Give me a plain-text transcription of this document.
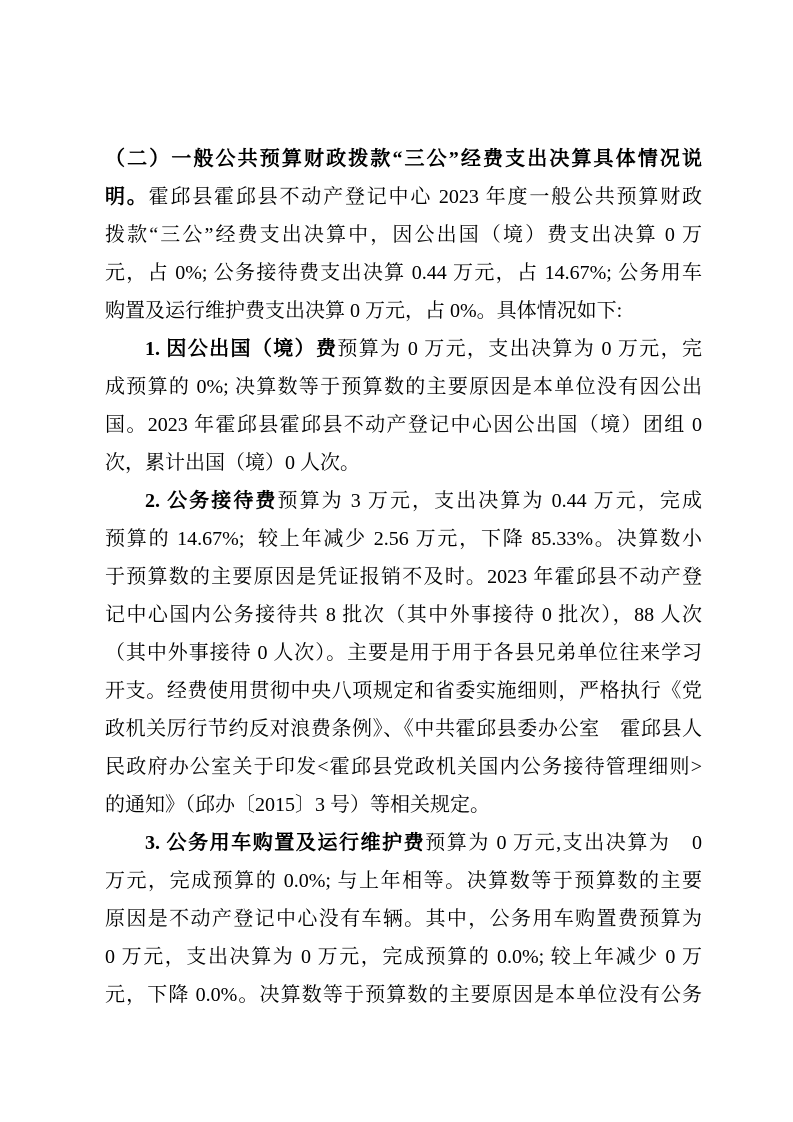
（二）一般公共预算财政拨款“三公”经费支出决算具体情况说
明。霍邱县霍邱县不动产登记中心 2023 年度一般公共预算财政
拨款“三公”经费支出决算中，因公出国（境）费支出决算 0 万
元，占 0%; 公务接待费支出决算 0.44 万元，占 14.67%; 公务用车
购置及运行维护费支出决算 0 万元，占 0%。具体情况如下:
1. 因公出国（境）费预算为 0 万元，支出决算为 0 万元，完
成预算的 0%; 决算数等于预算数的主要原因是本单位没有因公出
国。2023 年霍邱县霍邱县不动产登记中心因公出国（境）团组 0
次，累计出国（境）0 人次。
2. 公务接待费预算为 3 万元，支出决算为 0.44 万元，完成
预算的 14.67%;  较上年减少 2.56 万元，下降 85.33%。决算数小
于预算数的主要原因是凭证报销不及时。2023 年霍邱县不动产登
记中心国内公务接待共 8 批次（其中外事接待 0 批次），88 人次
（其中外事接待 0 人次）。主要是用于用于各县兄弟单位往来学习
开支。经费使用贯彻中央八项规定和省委实施细则，严格执行《党
政机关厉行节约反对浪费条例》、《中共霍邱县委办公室　霍邱县人
民政府办公室关于印发<霍邱县党政机关国内公务接待管理细则>
的通知》（邱办〔2015〕3 号）等相关规定。
3. 公务用车购置及运行维护费预算为 0 万元,支出决算为　0
万元，完成预算的 0.0%; 与上年相等。决算数等于预算数的主要
原因是不动产登记中心没有车辆。其中，公务用车购置费预算为
0 万元，支出决算为 0 万元，完成预算的 0.0%; 较上年减少 0 万
元，下降 0.0%。决算数等于预算数的主要原因是本单位没有公务
